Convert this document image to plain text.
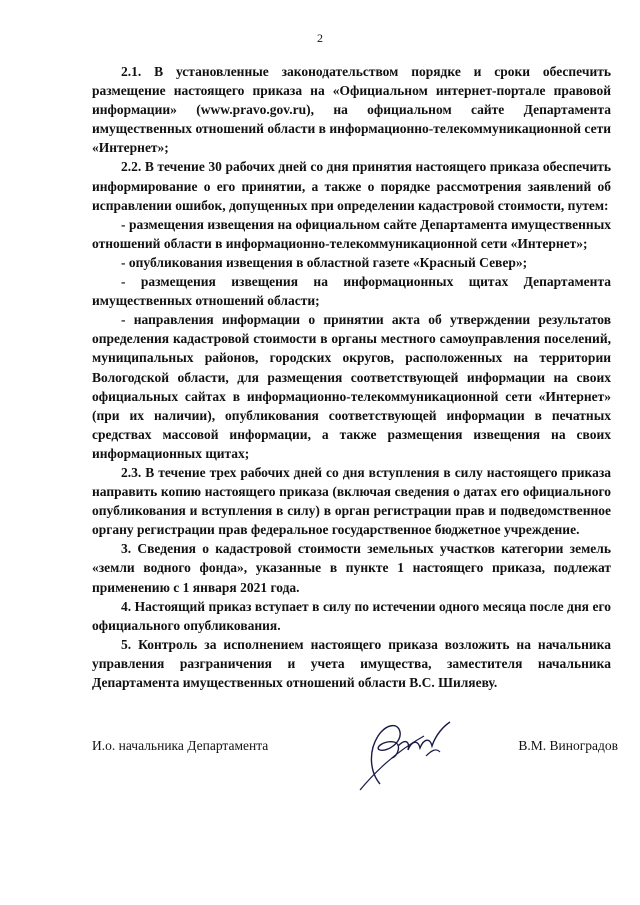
2

2.1. В установленные законодательством порядке и сроки обеспечить размещение настоящего приказа на «Официальном интернет-портале правовой информации» (www.pravo.gov.ru), на официальном сайте Департамента имущественных отношений области в информационно-телекоммуникационной сети «Интернет»;

2.2. В течение 30 рабочих дней со дня принятия настоящего приказа обеспечить информирование о его принятии, а также о порядке рассмотрения заявлений об исправлении ошибок, допущенных при определении кадастровой стоимости, путем:

- размещения извещения на официальном сайте Департамента имущественных отношений области в информационно-телекоммуникационной сети «Интернет»;

- опубликования извещения в областной газете «Красный Север»;

- размещения извещения на информационных щитах Департамента имущественных отношений области;

- направления информации о принятии акта об утверждении результатов определения кадастровой стоимости в органы местного самоуправления поселений, муниципальных районов, городских округов, расположенных на территории Вологодской области, для размещения соответствующей информации на своих официальных сайтах в информационно-телекоммуникационной сети «Интернет» (при их наличии), опубликования соответствующей информации в печатных средствах массовой информации, а также размещения извещения на своих информационных щитах;

2.3. В течение трех рабочих дней со дня вступления в силу настоящего приказа направить копию настоящего приказа (включая сведения о датах его официального опубликования и вступления в силу) в орган регистрации прав и подведомственное органу регистрации прав федеральное государственное бюджетное учреждение.

3. Сведения о кадастровой стоимости земельных участков категории земель «земли водного фонда», указанные в пункте 1 настоящего приказа, подлежат применению с 1 января 2021 года.

4. Настоящий приказ вступает в силу по истечении одного месяца после дня его официального опубликования.

5. Контроль за исполнением настоящего приказа возложить на начальника управления разграничения и учета имущества, заместителя начальника Департамента имущественных отношений области В.С. Шиляеву.

И.о. начальника Департамента	В.М. Виноградов
